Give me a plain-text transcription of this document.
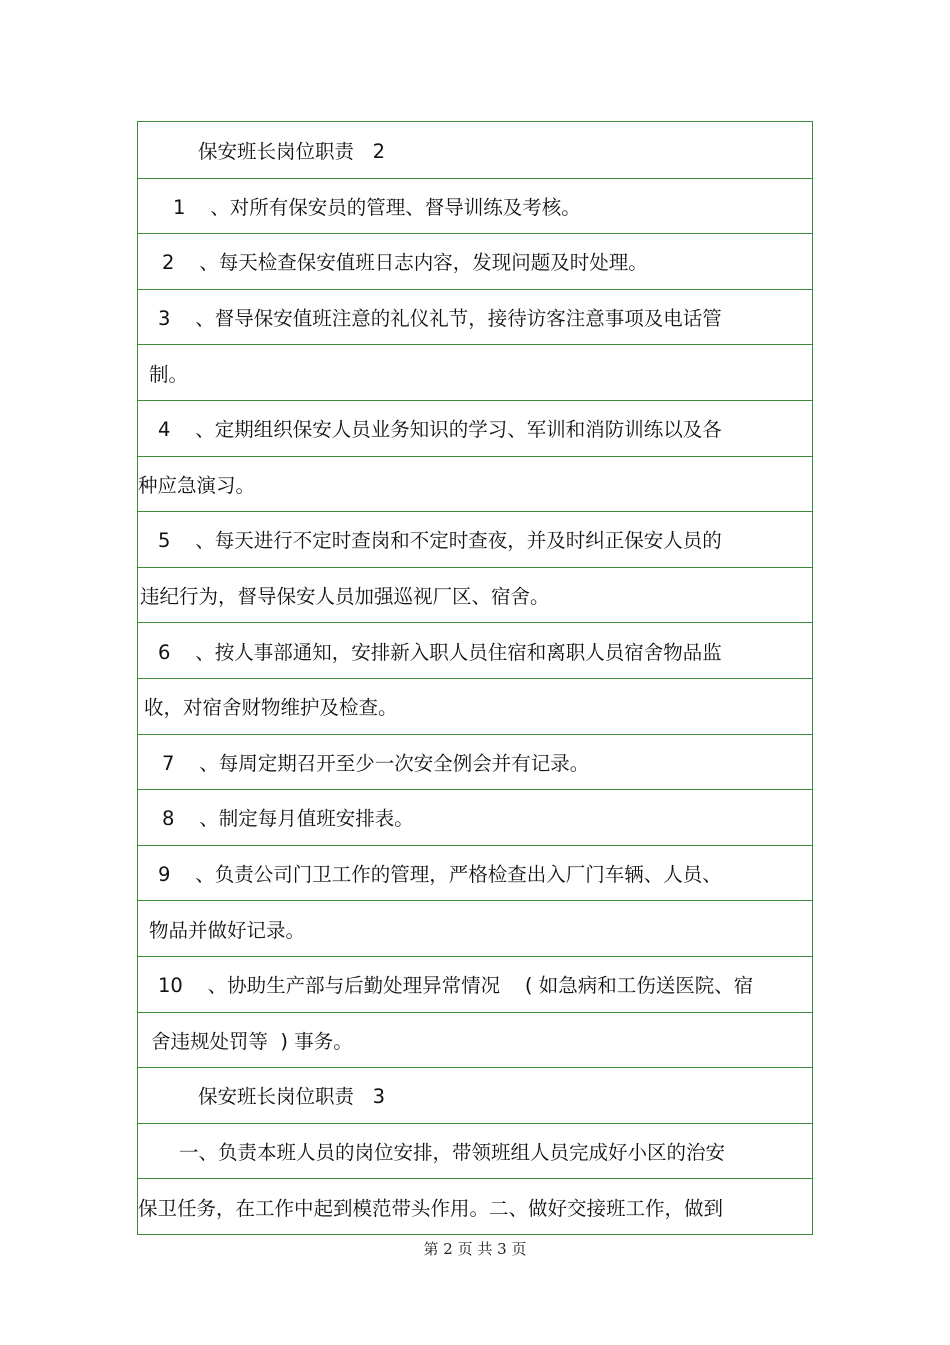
保安班长岗位职责   2
1    、对所有保安员的管理、督导训练及考核。
2    、每天检查保安值班日志内容，发现问题及时处理。
3    、督导保安值班注意的礼仪礼节，接待访客注意事项及电话管
制。
4    、定期组织保安人员业务知识的学习、军训和消防训练以及各
种应急演习。
5    、每天进行不定时查岗和不定时查夜，并及时纠正保安人员的
违纪行为，督导保安人员加强巡视厂区、宿舍。
6    、按人事部通知，安排新入职人员住宿和离职人员宿舍物品监
收，对宿舍财物维护及检查。
7    、每周定期召开至少一次安全例会并有记录。
8    、制定每月值班安排表。
9    、负责公司门卫工作的管理，严格检查出入厂门车辆、人员、
物品并做好记录。
10    、协助生产部与后勤处理异常情况    ( 如急病和工伤送医院、宿
舍违规处罚等  ) 事务。
保安班长岗位职责   3
一、负责本班人员的岗位安排，带领班组人员完成好小区的治安
保卫任务，在工作中起到模范带头作用。二、做好交接班工作，做到
第 2 页 共 3 页
